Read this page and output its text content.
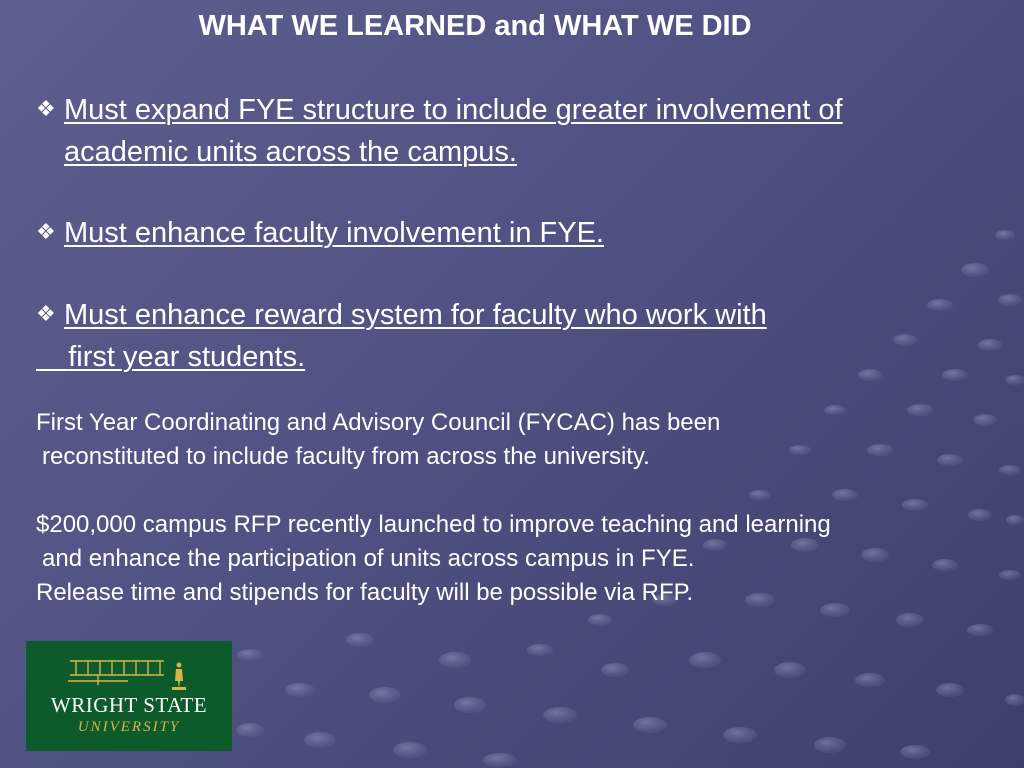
WHAT WE LEARNED and WHAT WE DID
❖ Must expand FYE structure to include greater involvement of
academic units across the campus.
❖ Must enhance faculty involvement in FYE.
❖ Must enhance reward system for faculty who work with
first year students.
First Year Coordinating and Advisory Council (FYCAC) has been
reconstituted to include faculty from across the university.
$200,000 campus RFP recently launched to improve teaching and learning
and enhance the participation of units across campus in FYE.
Release time and stipends for faculty will be possible via RFP.
WRIGHT STATE
UNIVERSITY
